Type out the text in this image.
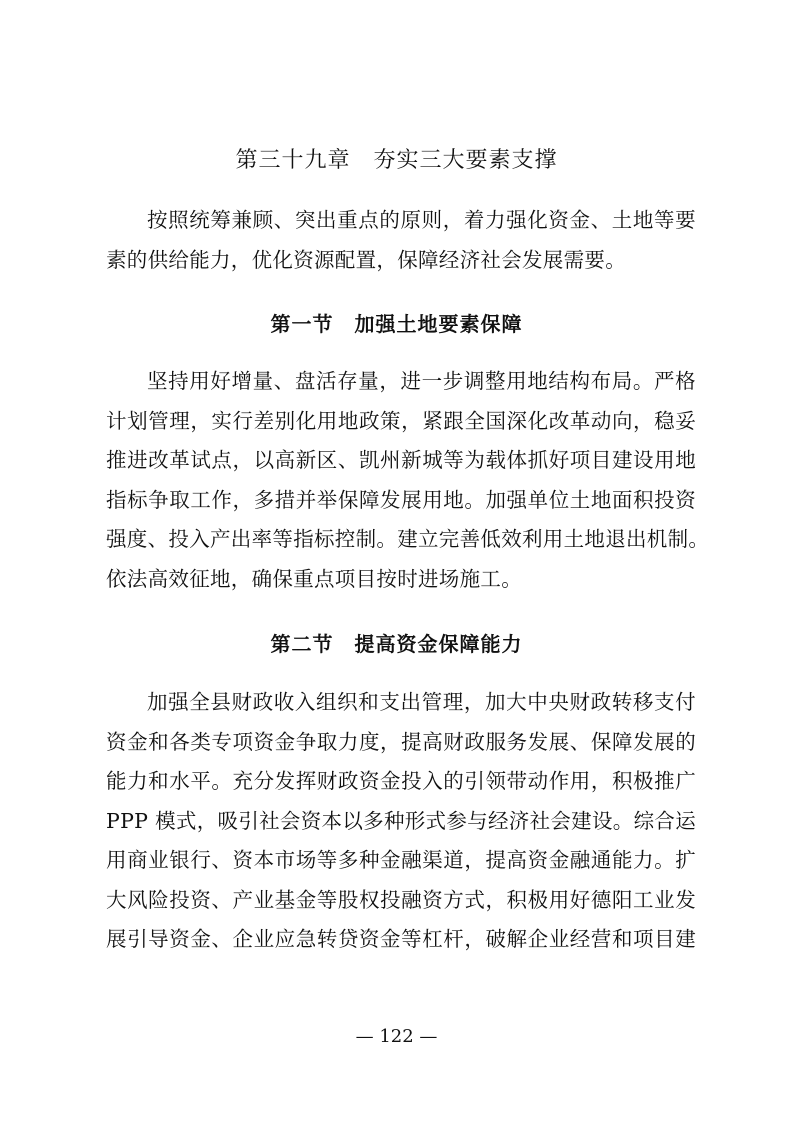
第三十九章　夯实三大要素支撑
按照统筹兼顾、突出重点的原则，着力强化资金、土地等要
素的供给能力，优化资源配置，保障经济社会发展需要。
第一节　加强土地要素保障
坚持用好增量、盘活存量，进一步调整用地结构布局。严格
计划管理，实行差别化用地政策，紧跟全国深化改革动向，稳妥
推进改革试点，以高新区、凯州新城等为载体抓好项目建设用地
指标争取工作，多措并举保障发展用地。加强单位土地面积投资
强度、投入产出率等指标控制。建立完善低效利用土地退出机制。
依法高效征地，确保重点项目按时进场施工。
第二节　提高资金保障能力
加强全县财政收入组织和支出管理，加大中央财政转移支付
资金和各类专项资金争取力度，提高财政服务发展、保障发展的
能力和水平。充分发挥财政资金投入的引领带动作用，积极推广
PPP 模式，吸引社会资本以多种形式参与经济社会建设。综合运
用商业银行、资本市场等多种金融渠道，提高资金融通能力。扩
大风险投资、产业基金等股权投融资方式，积极用好德阳工业发
展引导资金、企业应急转贷资金等杠杆，破解企业经营和项目建
— 122 —
